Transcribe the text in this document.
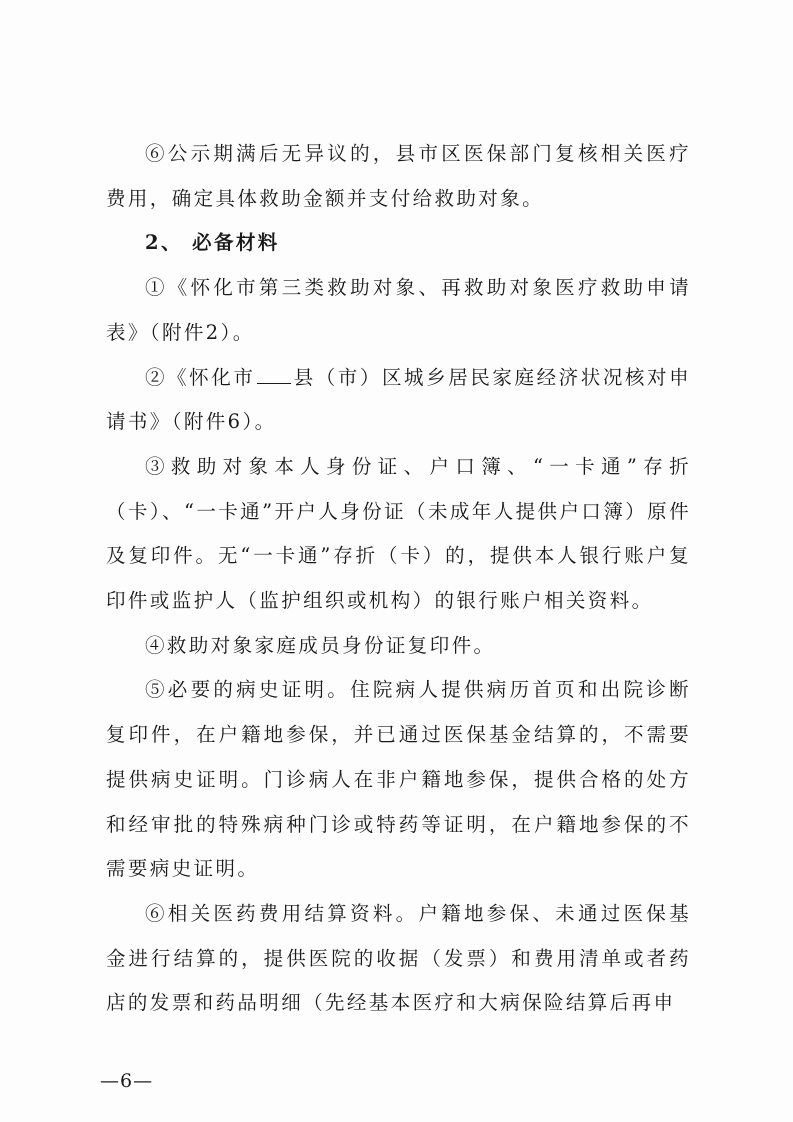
⑥公示期满后无异议的，县市区医保部门复核相关医疗费用，确定具体救助金额并支付给救助对象。

2、 必备材料

①《怀化市第三类救助对象、再救助对象医疗救助申请表》（附件2）。

②《怀化市 县（市）区城乡居民家庭经济状况核对申请书》（附件6）。

③救助对象本人身份证、户口簿、“一卡通”存折（卡）、“一卡通”开户人身份证（未成年人提供户口簿）原件及复印件。无“一卡通”存折（卡）的，提供本人银行账户复印件或监护人（监护组织或机构）的银行账户相关资料。

④救助对象家庭成员身份证复印件。

⑤必要的病史证明。住院病人提供病历首页和出院诊断复印件，在户籍地参保，并已通过医保基金结算的，不需要提供病史证明。门诊病人在非户籍地参保，提供合格的处方和经审批的特殊病种门诊或特药等证明，在户籍地参保的不需要病史证明。

⑥相关医药费用结算资料。户籍地参保、未通过医保基金进行结算的，提供医院的收据（发票）和费用清单或者药店的发票和药品明细（先经基本医疗和大病保险结算后再申

—6—
